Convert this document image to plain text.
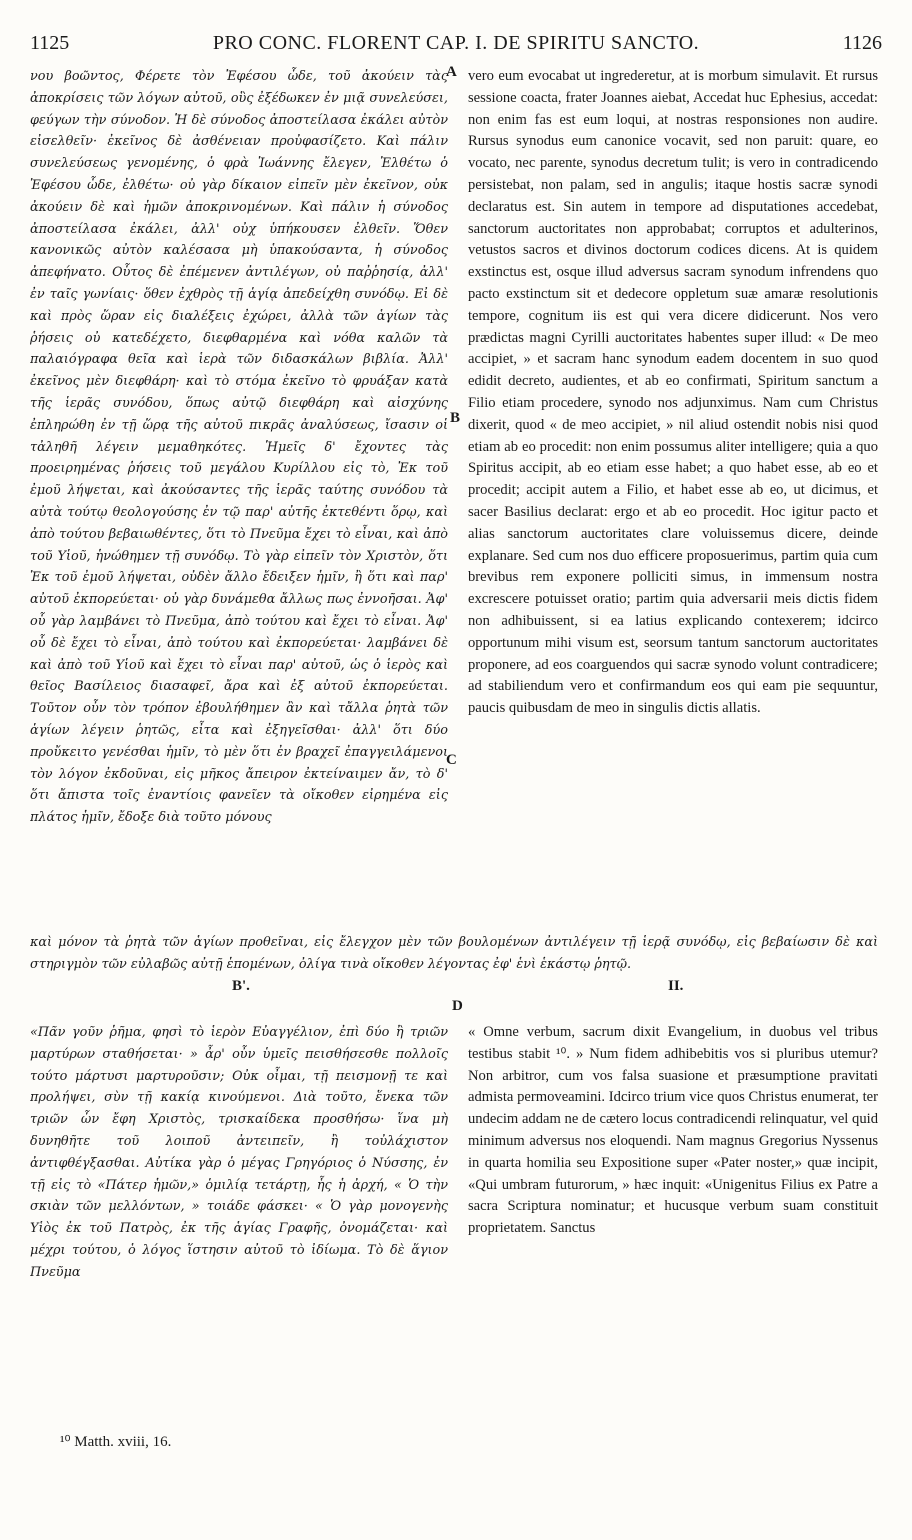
1125	PRO CONC. FLORENT CAP. I. DE SPIRITU SANCTO.	1126
A
B
C
D

νου βοῶντος, Φέρετε τὸν Ἐφέσου ὧδε, τοῦ ἀκούειν τὰς ἀποκρίσεις τῶν λόγων αὐτοῦ, οὓς ἐξέδωκεν ἐν μιᾷ συνελεύσει, φεύγων τὴν σύνοδον. Ἡ δὲ σύνοδος ἀποστείλασα ἐκάλει αὐτὸν εἰσελθεῖν· ἐκεῖνος δὲ ἀσθένειαν προὐφασίζετο. Καὶ πάλιν συνελεύσεως γενομένης, ὁ φρὰ Ἰωάννης ἔλεγεν, Ἐλθέτω ὁ Ἐφέσου ὧδε, ἐλθέτω· οὐ γὰρ δίκαιον εἰπεῖν μὲν ἐκεῖνον, οὐκ ἀκούειν δὲ καὶ ἡμῶν ἀποκρινομένων. Καὶ πάλιν ἡ σύνοδος ἀποστείλασα ἐκάλει, ἀλλ' οὐχ ὑπήκουσεν ἐλθεῖν. Ὅθεν κανονικῶς αὐτὸν καλέσασα μὴ ὑπακούσαντα, ἡ σύνοδος ἀπεφήνατο. Οὗτος δὲ ἐπέμενεν ἀντιλέγων, οὐ παῤῥησίᾳ, ἀλλ' ἐν ταῖς γωνίαις· ὅθεν ἐχθρὸς τῇ ἁγίᾳ ἀπεδείχθη συνόδῳ. Εἰ δὲ καὶ πρὸς ὥραν εἰς διαλέξεις ἐχώρει, ἀλλὰ τῶν ἁγίων τὰς ῥήσεις οὐ κατεδέχετο, διεφθαρμένα καὶ νόθα καλῶν τὰ παλαιόγραφα θεῖα καὶ ἱερὰ τῶν διδασκάλων βιβλία. Ἀλλ' ἐκεῖνος μὲν διεφθάρη· καὶ τὸ στόμα ἐκεῖνο τὸ φρυάξαν κατὰ τῆς ἱερᾶς συνόδου, ὅπως αὐτῷ διεφθάρη καὶ αἰσχύνης ἐπληρώθη ἐν τῇ ὥρᾳ τῆς αὐτοῦ πικρᾶς ἀναλύσεως, ἴσασιν οἱ τἀληθῆ λέγειν μεμαθηκότες. Ἡμεῖς δ' ἔχοντες τὰς προειρημένας ῥήσεις τοῦ μεγάλου Κυρίλλου εἰς τὸ, Ἐκ τοῦ ἐμοῦ λήψεται, καὶ ἀκούσαντες τῆς ἱερᾶς ταύτης συνόδου τὰ αὐτὰ τούτῳ θεολογούσης ἐν τῷ παρ' αὐτῆς ἐκτεθέντι ὅρῳ, καὶ ἀπὸ τούτου βεβαιωθέντες, ὅτι τὸ Πνεῦμα ἔχει τὸ εἶναι, καὶ ἀπὸ τοῦ Υἱοῦ, ἡνώθημεν τῇ συνόδῳ. Τὸ γὰρ εἰπεῖν τὸν Χριστὸν, ὅτι Ἐκ τοῦ ἐμοῦ λήψεται, οὐδὲν ἄλλο ἔδειξεν ἡμῖν, ἢ ὅτι καὶ παρ' αὐτοῦ ἐκπορεύεται· οὐ γὰρ δυνάμεθα ἄλλως πως ἐννοῆσαι. Ἀφ' οὗ γὰρ λαμβάνει τὸ Πνεῦμα, ἀπὸ τούτου καὶ ἔχει τὸ εἶναι. Ἀφ' οὗ δὲ ἔχει τὸ εἶναι, ἀπὸ τούτου καὶ ἐκπορεύεται· λαμβάνει δὲ καὶ ἀπὸ τοῦ Υἱοῦ καὶ ἔχει τὸ εἶναι παρ' αὐτοῦ, ὡς ὁ ἱερὸς καὶ θεῖος Βασίλειος διασαφεῖ, ἄρα καὶ ἐξ αὐτοῦ ἐκπορεύεται. Τοῦτον οὖν τὸν τρόπον ἐβουλήθημεν ἂν καὶ τἄλλα ῥητὰ τῶν ἁγίων λέγειν ῥητῶς, εἶτα καὶ ἐξηγεῖσθαι· ἀλλ' ὅτι δύο προὔκειτο γενέσθαι ἡμῖν, τὸ μὲν ὅτι ἐν βραχεῖ ἐπαγγειλάμενοι τὸν λόγον ἐκδοῦναι, εἰς μῆκος ἄπειρον ἐκτείναιμεν ἄν, τὸ δ' ὅτι ἄπιστα τοῖς ἐναντίοις φανεῖεν τὰ οἴκοθεν εἰρημένα εἰς πλάτος ἡμῖν, ἔδοξε διὰ τοῦτο μόνους

vero eum evocabat ut ingrederetur, at is morbum simulavit. Et rursus sessione coacta, frater Joannes aiebat, Accedat huc Ephesius, accedat: non enim fas est eum loqui, at nostras responsiones non audire. Rursus synodus eum canonice vocavit, sed non paruit: quare, eo vocato, nec parente, synodus decretum tulit; is vero in contradicendo persistebat, non palam, sed in angulis; itaque hostis sacræ synodi declaratus est. Sin autem in tempore ad disputationes accedebat, sanctorum auctoritates non approbabat; corruptos et adulterinos, vetustos sacros et divinos doctorum codices dicens. At is quidem exstinctus est, osque illud adversus sacram synodum infrendens quo pacto exstinctum sit et dedecore oppletum suæ amaræ resolutionis tempore, cognitum iis est qui vera dicere didicerunt. Nos vero prædictas magni Cyrilli auctoritates habentes super illud: « De meo accipiet, » et sacram hanc synodum eadem docentem in suo quod edidit decreto, audientes, et ab eo confirmati, Spiritum sanctum a Filio etiam procedere, synodo nos adjunximus. Nam cum Christus dixerit, quod « de meo accipiet, » nil aliud ostendit nobis nisi quod etiam ab eo procedit: non enim possumus aliter intelligere; quia a quo Spiritus accipit, ab eo etiam esse habet; a quo habet esse, ab eo et procedit; accipit autem a Filio, et habet esse ab eo, ut dicimus, et sacer Basilius declarat: ergo et ab eo procedit. Hoc igitur pacto et alias sanctorum auctoritates clare voluissemus dicere, deinde explanare. Sed cum nos duo efficere proposuerimus, partim quia cum brevibus rem exponere polliciti simus, in immensum nostra excrescere potuisset oratio; partim quia adversarii meis dictis fidem non adhibuissent, si ea latius explicando contexerem; idcirco opportunum mihi visum est, seorsum tantum sanctorum auctoritates proponere, ad eos coarguendos qui sacræ synodo volunt contradicere; ad stabiliendum vero et confirmandum eos qui eam pie sequuntur, paucis quibusdam de meo in singulis dictis allatis.

καὶ μόνον τὰ ῥητὰ τῶν ἁγίων προθεῖναι, εἰς ἔλεγχον μὲν τῶν βουλομένων ἀντιλέγειν τῇ ἱερᾷ συνόδῳ, εἰς βεβαίωσιν δὲ καὶ στηριγμὸν τῶν εὐλαβῶς αὐτῇ ἑπομένων, ὀλίγα τινὰ οἴκοθεν λέγοντας ἐφ' ἑνὶ ἑκάστῳ ῥητῷ.

Β'.	II.

«Πᾶν γοῦν ῥῆμα, φησὶ τὸ ἱερὸν Εὐαγγέλιον, ἐπὶ δύο ἢ τριῶν μαρτύρων σταθήσεται· » ἆρ' οὖν ὑμεῖς πεισθήσεσθε πολλοῖς τούτο μάρτυσι μαρτυροῦσιν; Οὐκ οἶμαι, τῇ πεισμονῇ τε καὶ προλήψει, σὺν τῇ κακίᾳ κινούμενοι. Διὰ τοῦτο, ἕνεκα τῶν τριῶν ὧν ἔφη Χριστὸς, τρισκαίδεκα προσθήσω· ἵνα μὴ δυνηθῆτε τοῦ λοιποῦ ἀντειπεῖν, ἢ τοὐλάχιστον ἀντιφθέγξασθαι. Αὐτίκα γὰρ ὁ μέγας Γρηγόριος ὁ Νύσσης, ἐν τῇ εἰς τὸ «Πάτερ ἡμῶν,» ὁμιλίᾳ τετάρτῃ, ἧς ἡ ἀρχή, « Ὁ τὴν σκιὰν τῶν μελλόντων, » τοιάδε φάσκει· « Ὁ γὰρ μονογενὴς Υἱὸς ἐκ τοῦ Πατρὸς, ἐκ τῆς ἁγίας Γραφῆς, ὀνομάζεται· καὶ μέχρι τούτου, ὁ λόγος ἵστησιν αὐτοῦ τὸ ἰδίωμα. Τὸ δὲ ἅγιον Πνεῦμα

« Omne verbum, sacrum dixit Evangelium, in duobus vel tribus testibus stabit ¹⁰. » Num fidem adhibebitis vos si pluribus utemur? Non arbitror, cum vos falsa suasione et præsumptione pravitati admista permoveamini. Idcirco trium vice quos Christus enumerat, ter undecim addam ne de cætero locus contradicendi relinquatur, vel quid minimum adversus nos eloquendi. Nam magnus Gregorius Nyssenus in quarta homilia seu Expositione super «Pater noster,» quæ incipit, «Qui umbram futurorum, » hæc inquit: «Unigenitus Filius ex Patre a sacra Scriptura nominatur; et hucusque verbum suam constituit proprietatem. Sanctus

¹⁰ Matth. xviii, 16.
